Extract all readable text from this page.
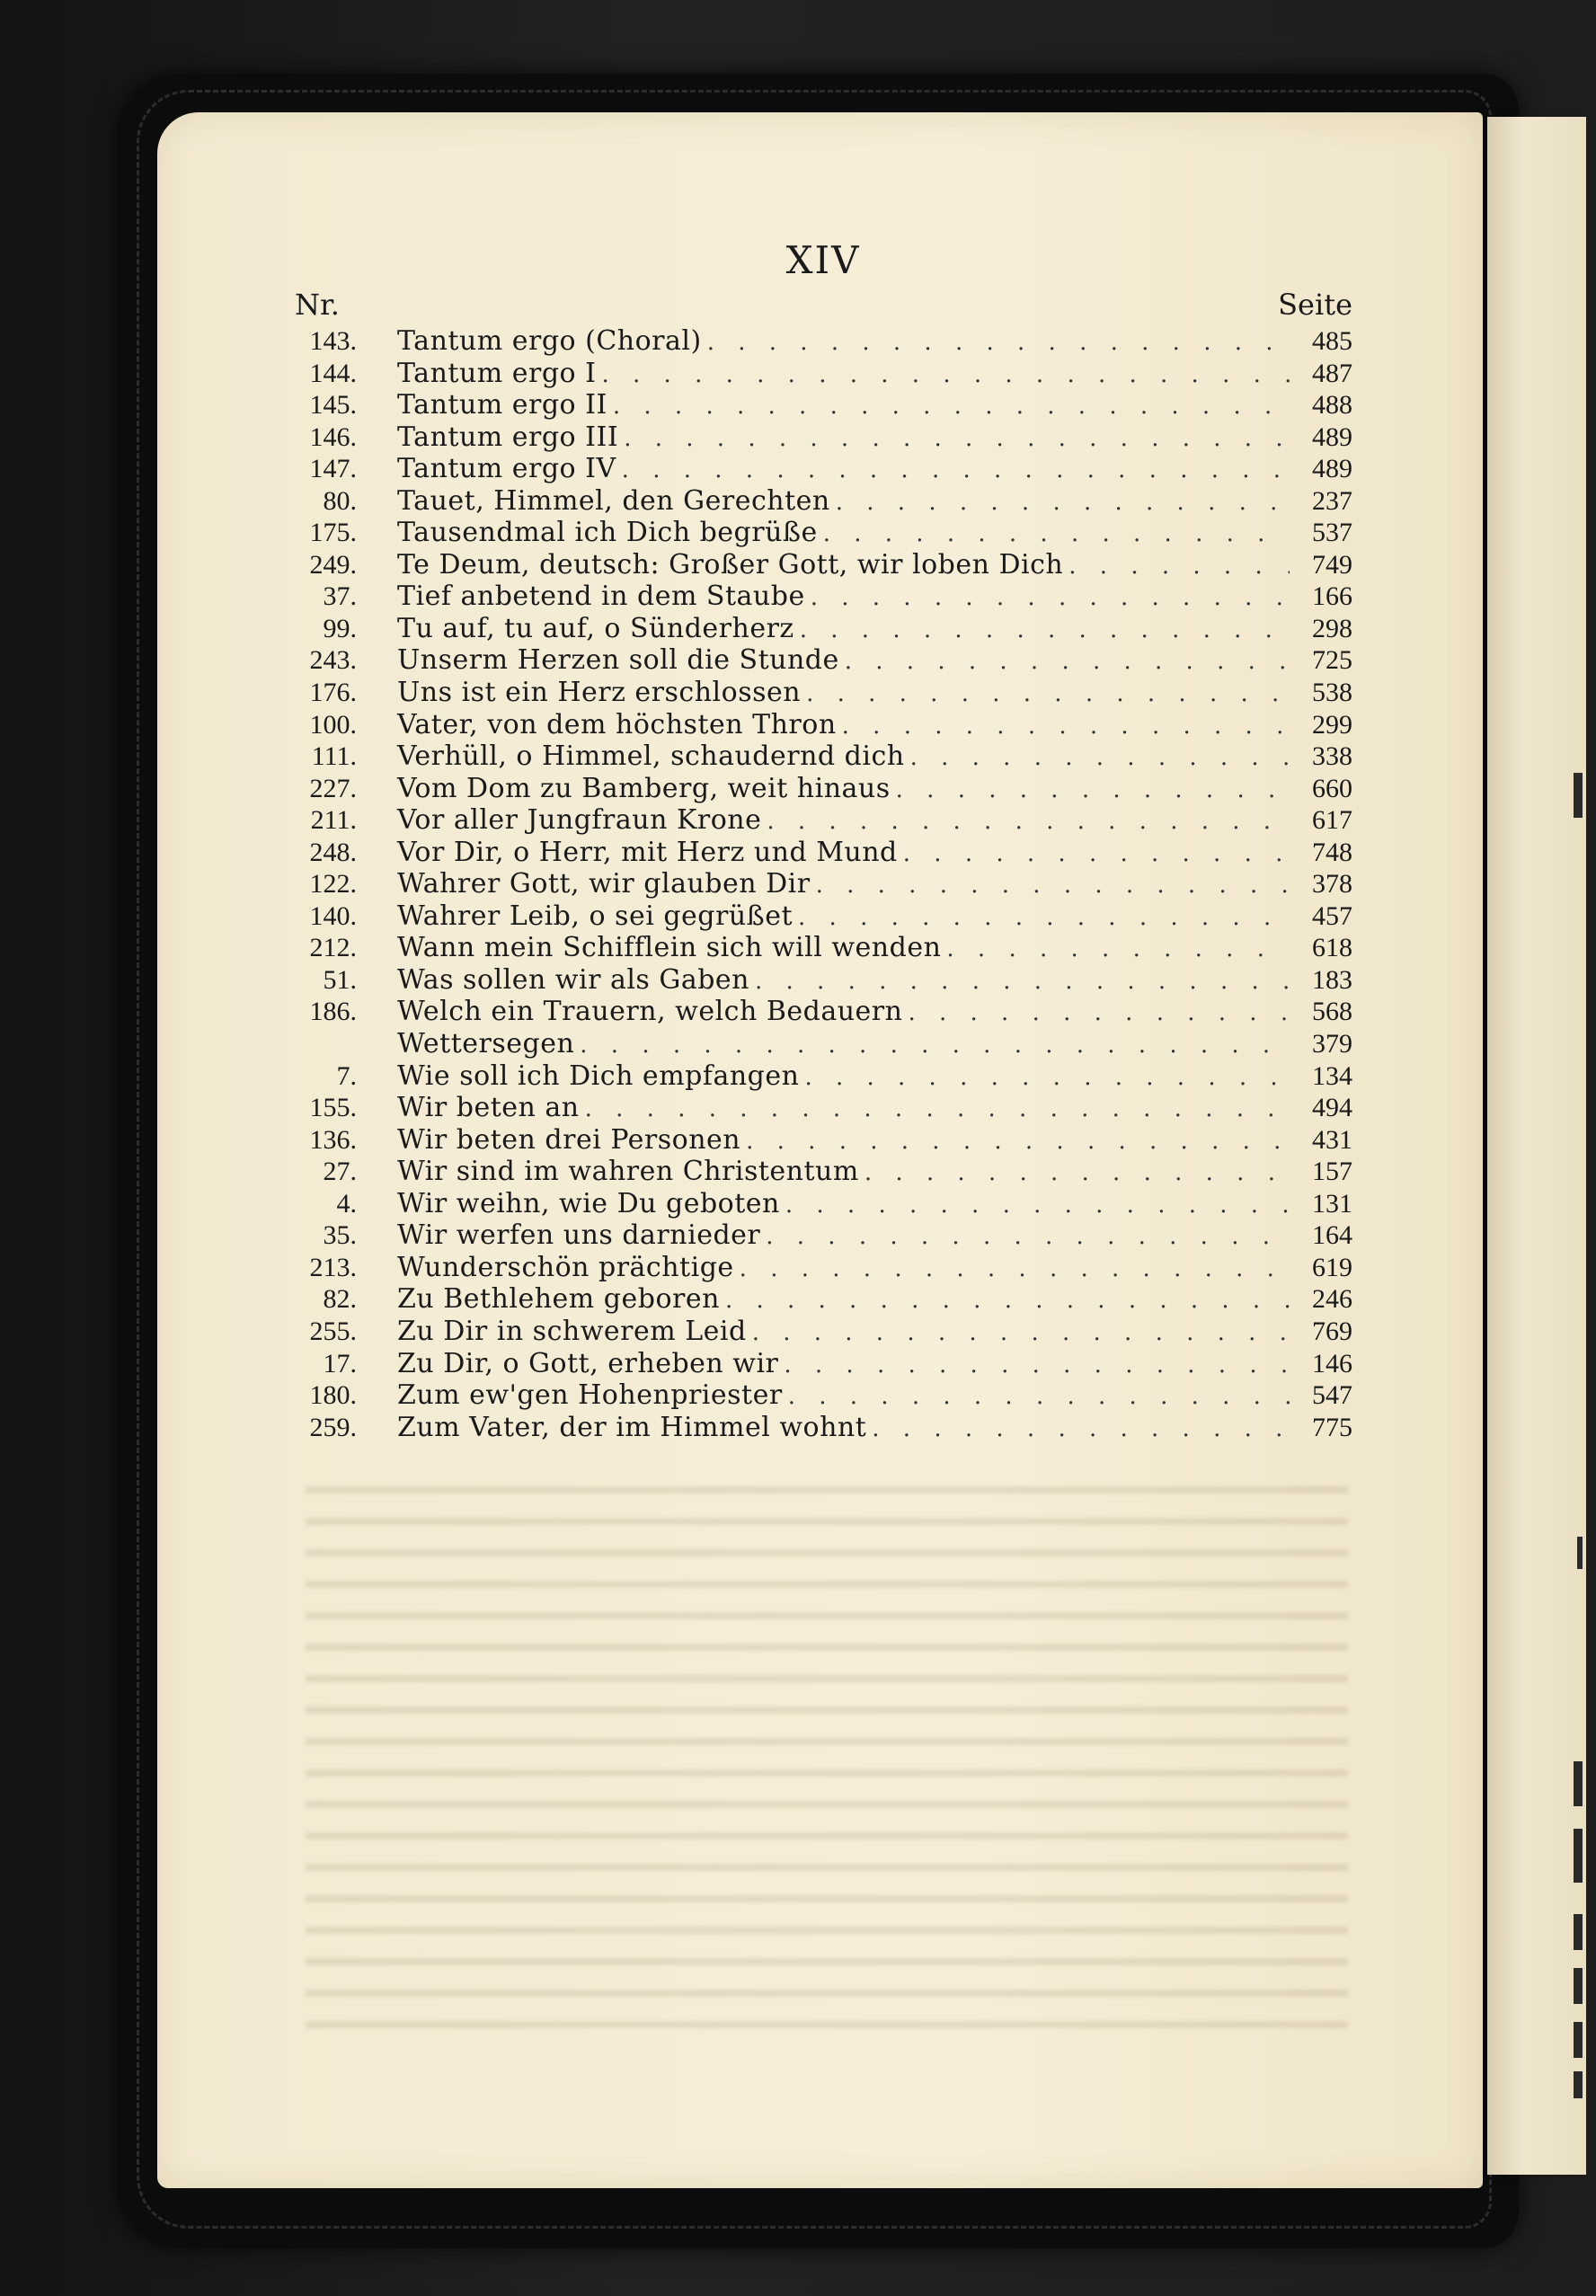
XIV
Nr.	Seite
143. Tantum ergo (Choral) . . .	485
144. Tantum ergo I . . .	487
145. Tantum ergo II . . .	488
146. Tantum ergo III . . .	489
147. Tantum ergo IV . . .	489
80. Tauet, Himmel, den Gerechten . . .	237
175. Tausendmal ich Dich begrüße . . .	537
249. Te Deum, deutsch: Großer Gott, wir loben Dich . . .	749
37. Tief anbetend in dem Staube . . .	166
99. Tu auf, tu auf, o Sünderherz . . .	298
243. Unserm Herzen soll die Stunde . . .	725
176. Uns ist ein Herz erschlossen . . .	538
100. Vater, von dem höchsten Thron . . .	299
111. Verhüll, o Himmel, schaudernd dich . . .	338
227. Vom Dom zu Bamberg, weit hinaus . . .	660
211. Vor aller Jungfraun Krone . . .	617
248. Vor Dir, o Herr, mit Herz und Mund . . .	748
122. Wahrer Gott, wir glauben Dir . . .	378
140. Wahrer Leib, o sei gegrüßet . . .	457
212. Wann mein Schifflein sich will wenden . . .	618
51. Was sollen wir als Gaben . . .	183
186. Welch ein Trauern, welch Bedauern . . .	568
Wettersegen . . .	379
7. Wie soll ich Dich empfangen . . .	134
155. Wir beten an . . .	494
136. Wir beten drei Personen . . .	431
27. Wir sind im wahren Christentum . . .	157
4. Wir weihn, wie Du geboten . . .	131
35. Wir werfen uns darnieder . . .	164
213. Wunderschön prächtige . . .	619
82. Zu Bethlehem geboren . . .	246
255. Zu Dir in schwerem Leid . . .	769
17. Zu Dir, o Gott, erheben wir . . .	146
180. Zum ew'gen Hohenpriester . . .	547
259. Zum Vater, der im Himmel wohnt . . .	775
